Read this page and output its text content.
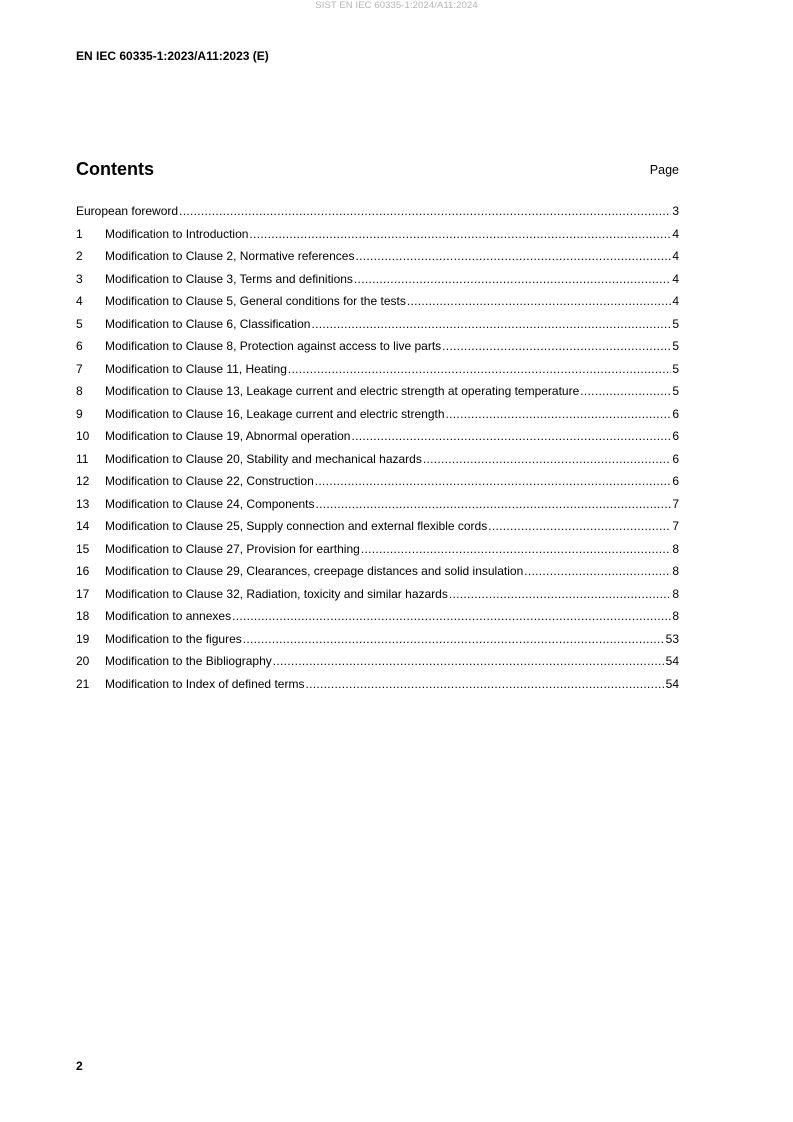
SIST EN IEC 60335-1:2024/A11:2024
EN IEC 60335-1:2023/A11:2023 (E)
Contents	Page
European foreword .....	3
1	Modification to Introduction .....	4
2	Modification to Clause 2, Normative references .....	4
3	Modification to Clause 3, Terms and definitions .....	4
4	Modification to Clause 5, General conditions for the tests .....	4
5	Modification to Clause 6, Classification .....	5
6	Modification to Clause 8, Protection against access to live parts .....	5
7	Modification to Clause 11, Heating .....	5
8	Modification to Clause 13, Leakage current and electric strength at operating temperature .....	5
9	Modification to Clause 16, Leakage current and electric strength .....	6
10	Modification to Clause 19, Abnormal operation .....	6
11	Modification to Clause 20, Stability and mechanical hazards .....	6
12	Modification to Clause 22, Construction .....	6
13	Modification to Clause 24, Components .....	7
14	Modification to Clause 25, Supply connection and external flexible cords .....	7
15	Modification to Clause 27, Provision for earthing .....	8
16	Modification to Clause 29, Clearances, creepage distances and solid insulation .....	8
17	Modification to Clause 32, Radiation, toxicity and similar hazards .....	8
18	Modification to annexes .....	8
19	Modification to the figures .....	53
20	Modification to the Bibliography .....	54
21	Modification to Index of defined terms .....	54
2
